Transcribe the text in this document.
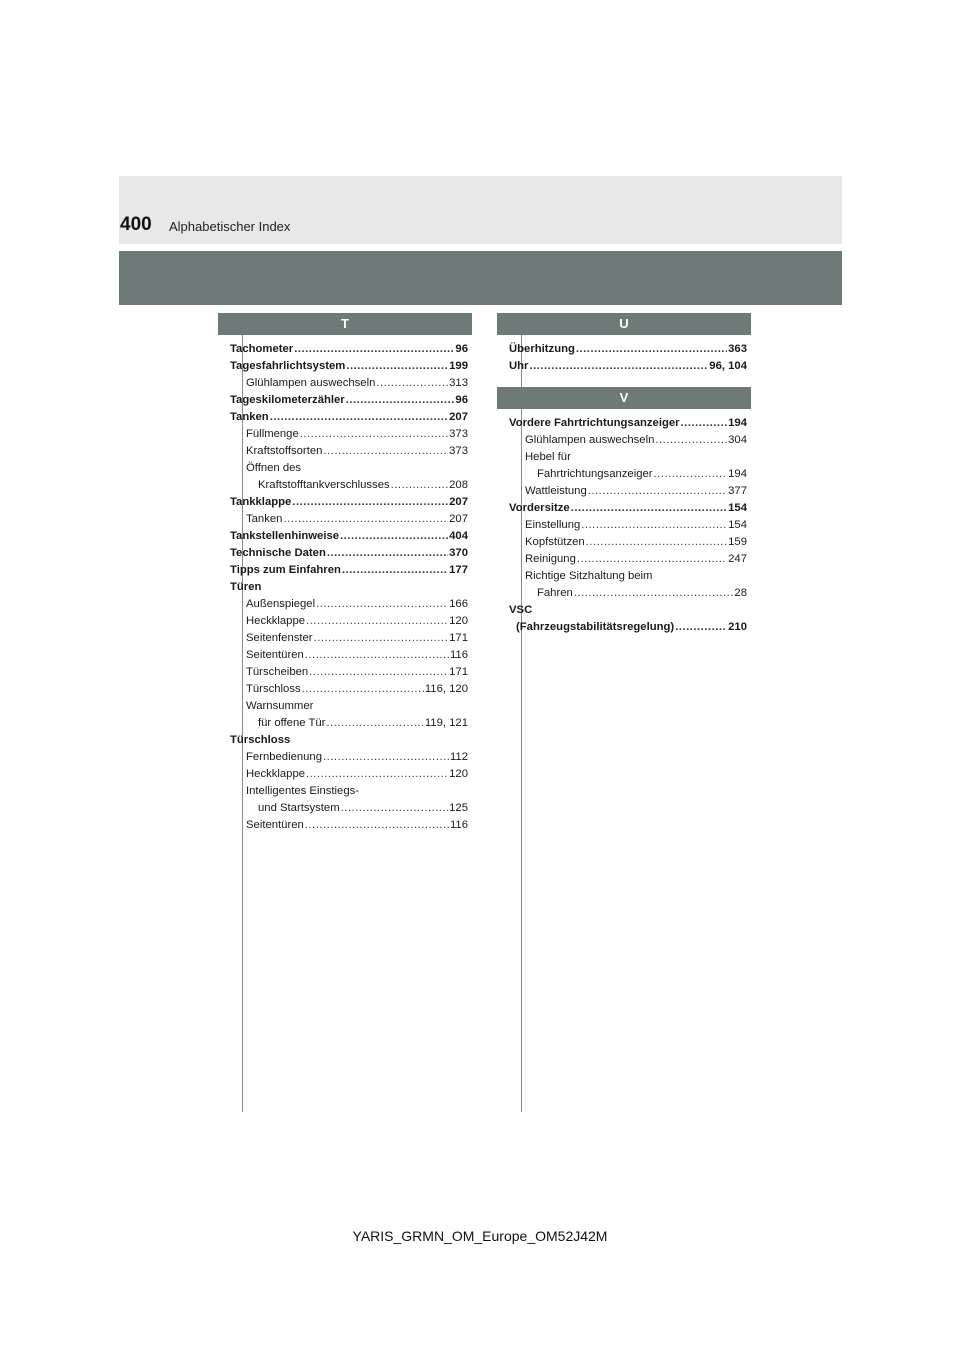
400 Alphabetischer Index
T
Tachometer .....	96
Tagesfahrlichtsystem .....	199
Glühlampen auswechseln .....	313
Tageskilometerzähler .....	96
Tanken .....	207
Füllmenge .....	373
Kraftstoffsorten .....	373
Öffnen des
Kraftstofftankverschlusses .....	208
Tankklappe .....	207
Tanken .....	207
Tankstellenhinweise .....	404
Technische Daten .....	370
Tipps zum Einfahren .....	177
Türen
Außenspiegel .....	166
Heckklappe .....	120
Seitenfenster .....	171
Seitentüren .....	116
Türscheiben .....	171
Türschloss .....	116, 120
Warnsummer
für offene Tür .....	119, 121
Türschloss
Fernbedienung .....	112
Heckklappe .....	120
Intelligentes Einstiegs-
und Startsystem .....	125
Seitentüren .....	116
U
Überhitzung .....	363
Uhr .....	96, 104
V
Vordere Fahrtrichtungsanzeiger .....	194
Glühlampen auswechseln .....	304
Hebel für
Fahrtrichtungsanzeiger .....	194
Wattleistung .....	377
Vordersitze .....	154
Einstellung .....	154
Kopfstützen .....	159
Reinigung .....	247
Richtige Sitzhaltung beim
Fahren .....	28
VSC
(Fahrzeugstabilitätsregelung) .....	210
YARIS_GRMN_OM_Europe_OM52J42M
